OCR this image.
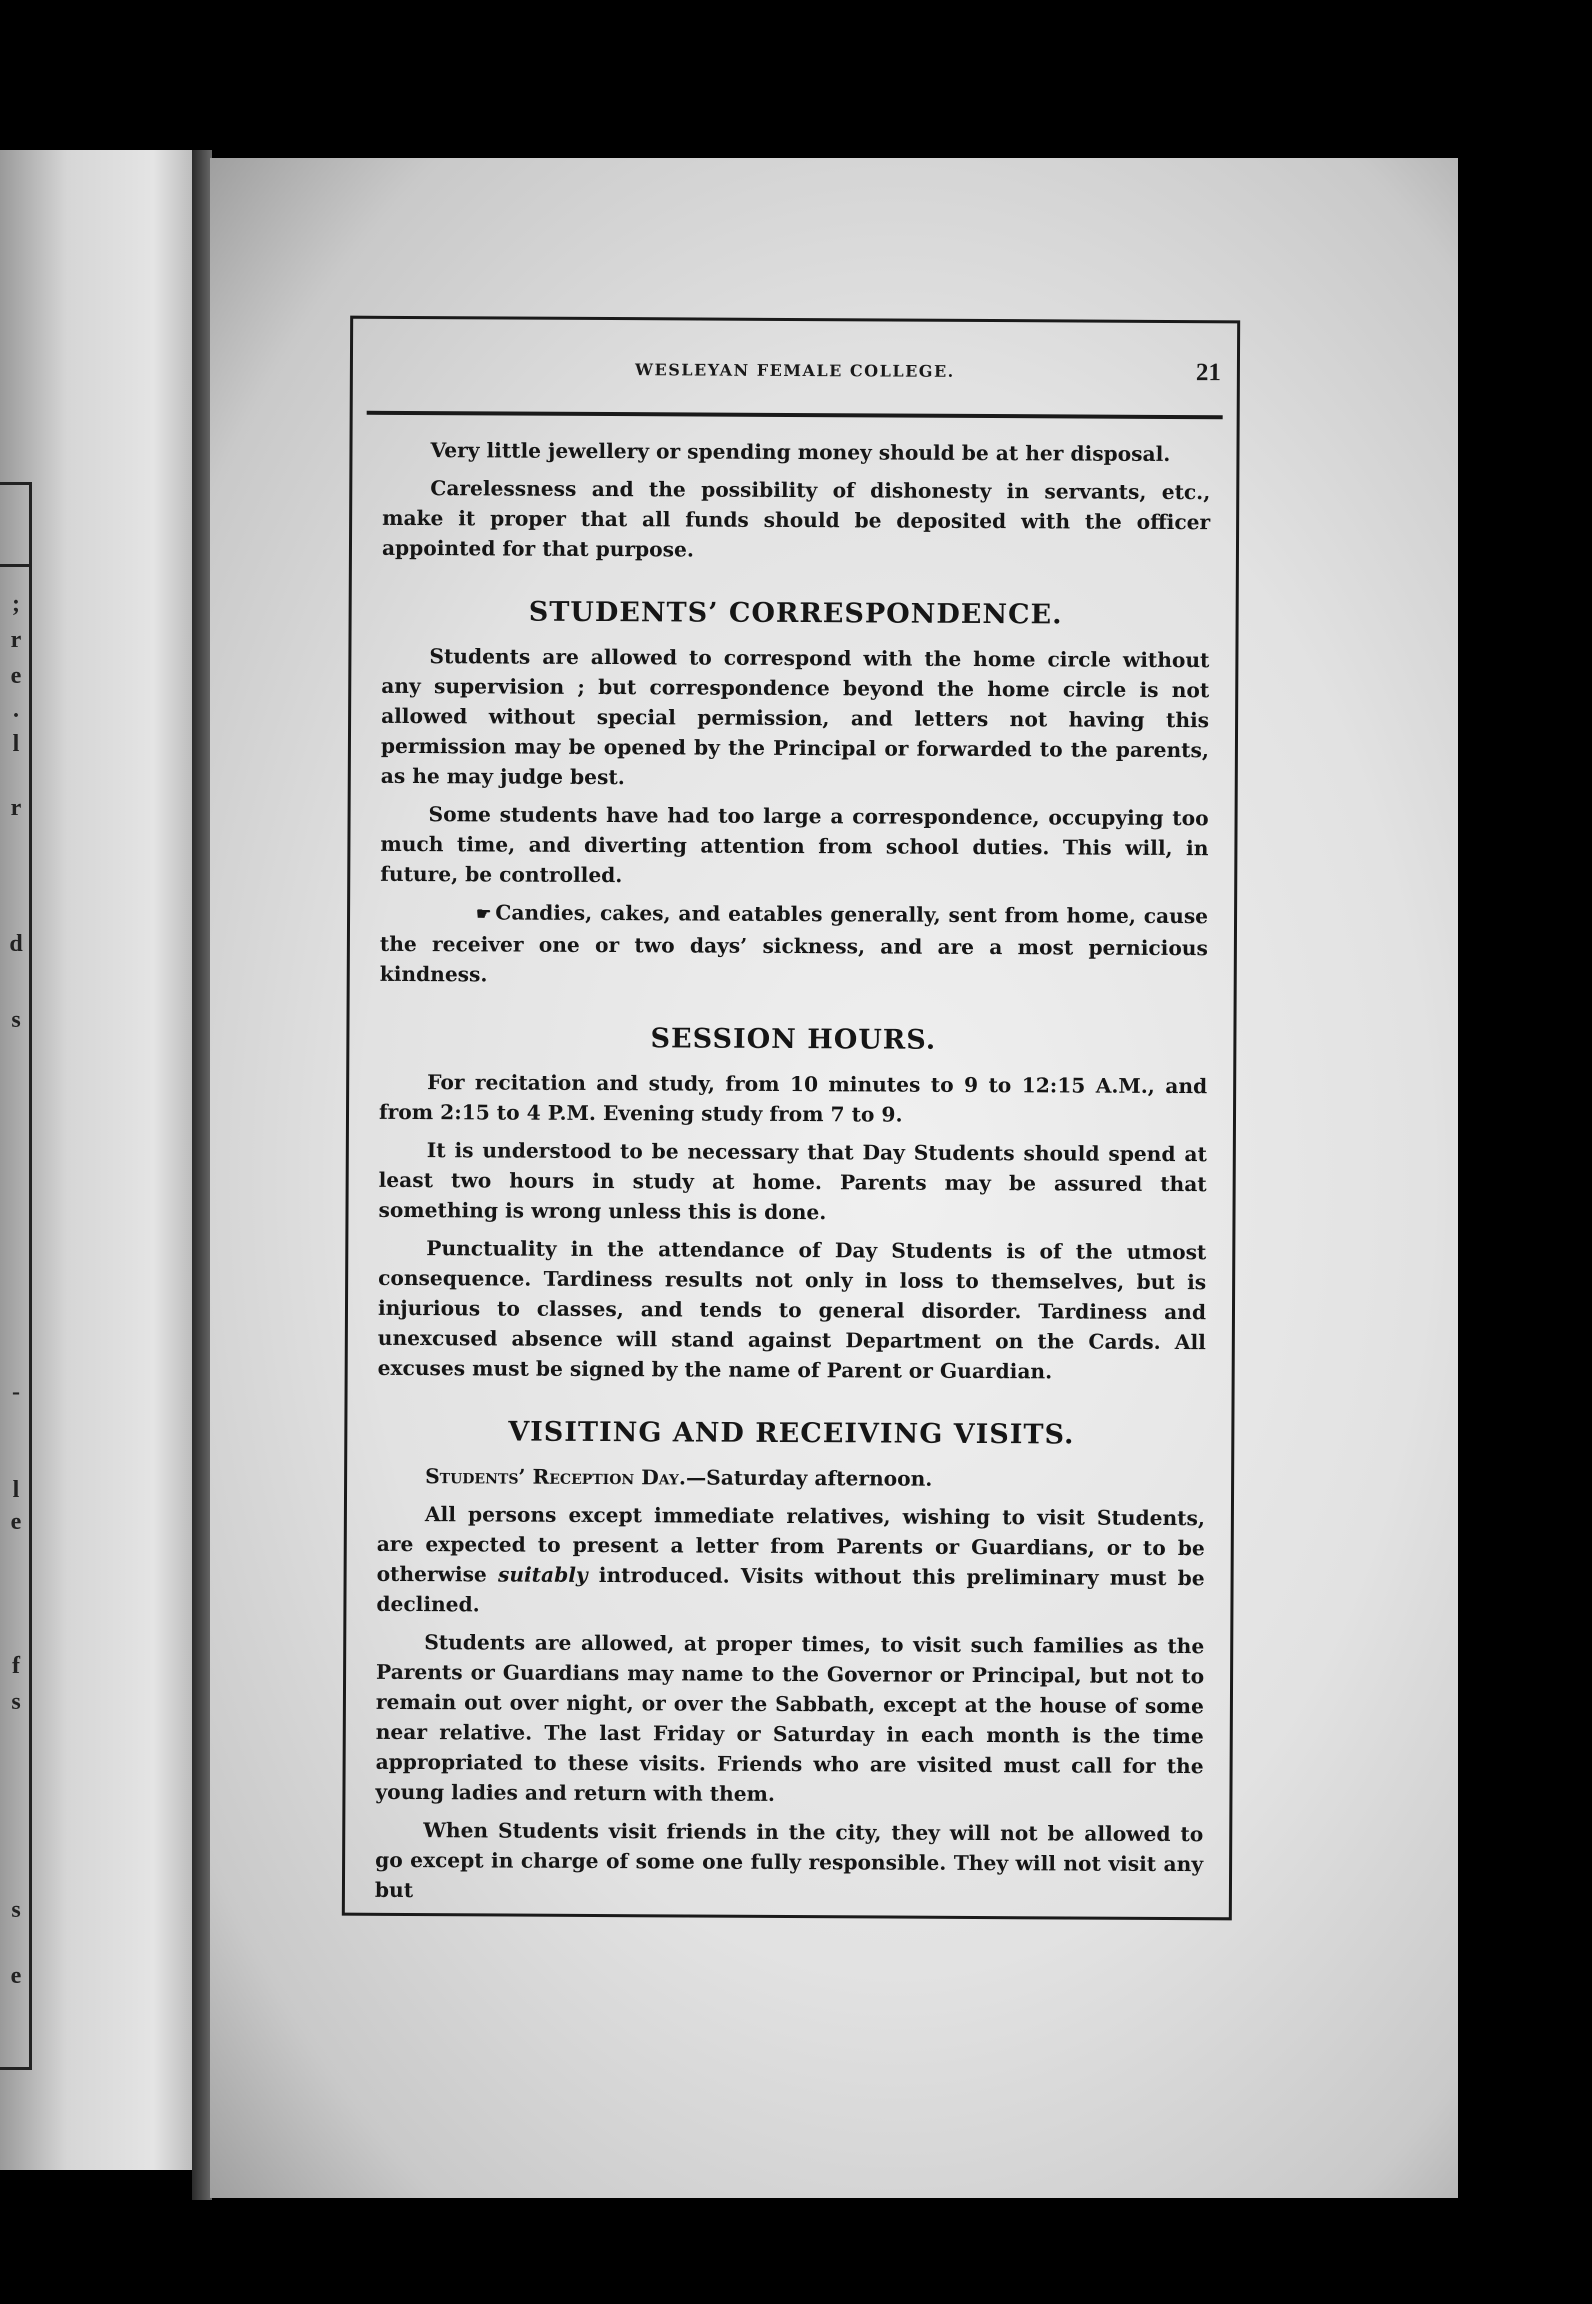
;
r
e
.
l
r
d
s
-
l
e
f
s
s
e
WESLEYAN FEMALE COLLEGE.	21

Very little jewellery or spending money should be at her disposal.

Carelessness and the possibility of dishonesty in servants, etc., make it proper that all funds should be deposited with the officer appointed for that purpose.

STUDENTS’ CORRESPONDENCE.

Students are allowed to correspond with the home circle without any supervision ; but correspondence beyond the home circle is not allowed without special permission, and letters not having this permission may be opened by the Principal or forwarded to the parents, as he may judge best.

Some students have had too large a correspondence, occupying too much time, and diverting attention from school duties. This will, in future, be controlled.

☛ Candies, cakes, and eatables generally, sent from home, cause the receiver one or two days’ sickness, and are a most pernicious kindness.

SESSION HOURS.

For recitation and study, from 10 minutes to 9 to 12:15 A.M., and from 2:15 to 4 P.M. Evening study from 7 to 9.

It is understood to be necessary that Day Students should spend at least two hours in study at home. Parents may be assured that something is wrong unless this is done.

Punctuality in the attendance of Day Students is of the utmost consequence. Tardiness results not only in loss to themselves, but is injurious to classes, and tends to general disorder. Tardiness and unexcused absence will stand against Department on the Cards. All excuses must be signed by the name of Parent or Guardian.

VISITING AND RECEIVING VISITS.

Students’ Reception Day.—Saturday afternoon.

All persons except immediate relatives, wishing to visit Students, are expected to present a letter from Parents or Guardians, or to be otherwise suitably introduced. Visits without this preliminary must be declined.

Students are allowed, at proper times, to visit such families as the Parents or Guardians may name to the Governor or Principal, but not to remain out over night, or over the Sabbath, except at the house of some near relative. The last Friday or Saturday in each month is the time appropriated to these visits. Friends who are visited must call for the young ladies and return with them.

When Students visit friends in the city, they will not be allowed to go except in charge of some one fully responsible. They will not visit any but
